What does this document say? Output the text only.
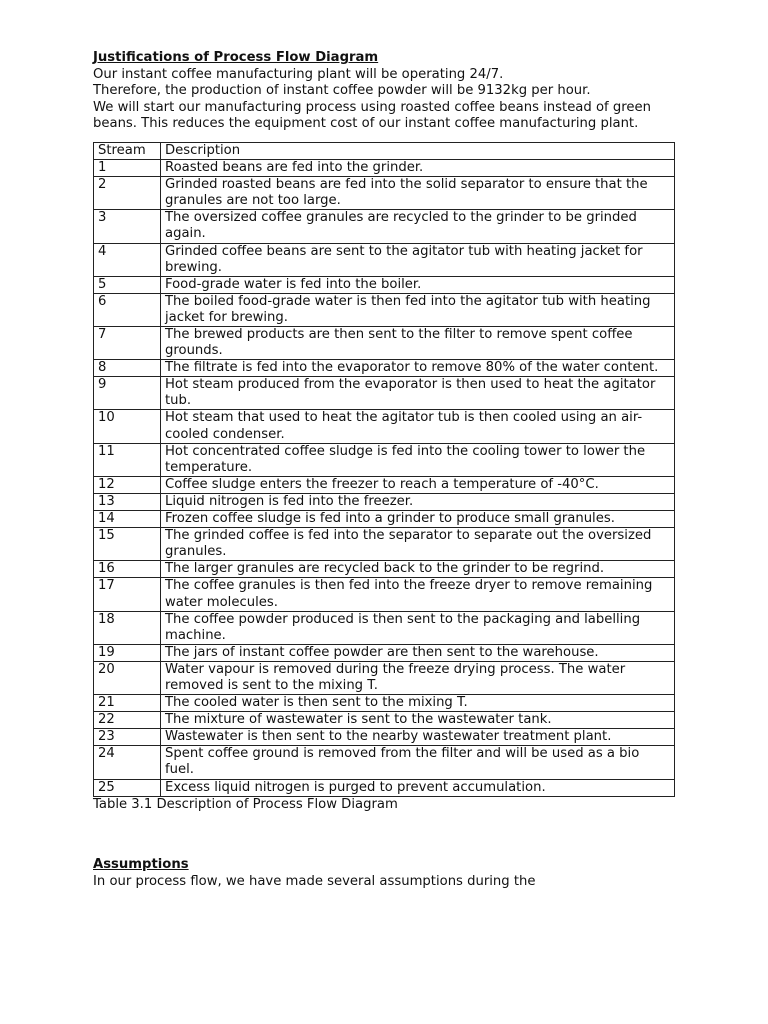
Justifications of Process Flow Diagram

Our instant coffee manufacturing plant will be operating 24/7.

Therefore, the production of instant coffee powder will be 9132kg per hour.

We will start our manufacturing process using roasted coffee beans instead of green beans. This reduces the equipment cost of our instant coffee manufacturing plant.

Stream	Description
1	Roasted beans are fed into the grinder.
2	Grinded roasted beans are fed into the solid separator to ensure that the granules are not too large.
3	The oversized coffee granules are recycled to the grinder to be grinded again.
4	Grinded coffee beans are sent to the agitator tub with heating jacket for brewing.
5	Food-grade water is fed into the boiler.
6	The boiled food-grade water is then fed into the agitator tub with heating jacket for brewing.
7	The brewed products are then sent to the filter to remove spent coffee grounds.
8	The filtrate is fed into the evaporator to remove 80% of the water content.
9	Hot steam produced from the evaporator is then used to heat the agitator tub.
10	Hot steam that used to heat the agitator tub is then cooled using an air-cooled condenser.
11	Hot concentrated coffee sludge is fed into the cooling tower to lower the temperature.
12	Coffee sludge enters the freezer to reach a temperature of -40°C.
13	Liquid nitrogen is fed into the freezer.
14	Frozen coffee sludge is fed into a grinder to produce small granules.
15	The grinded coffee is fed into the separator to separate out the oversized granules.
16	The larger granules are recycled back to the grinder to be regrind.
17	The coffee granules is then fed into the freeze dryer to remove remaining water molecules.
18	The coffee powder produced is then sent to the packaging and labelling machine.
19	The jars of instant coffee powder are then sent to the warehouse.
20	Water vapour is removed during the freeze drying process. The water removed is sent to the mixing T.
21	The cooled water is then sent to the mixing T.
22	The mixture of wastewater is sent to the wastewater tank.
23	Wastewater is then sent to the nearby wastewater treatment plant.
24	Spent coffee ground is removed from the filter and will be used as a bio fuel.
25	Excess liquid nitrogen is purged to prevent accumulation.
Table 3.1 Description of Process Flow Diagram
Assumptions

In our process flow, we have made several assumptions during the
